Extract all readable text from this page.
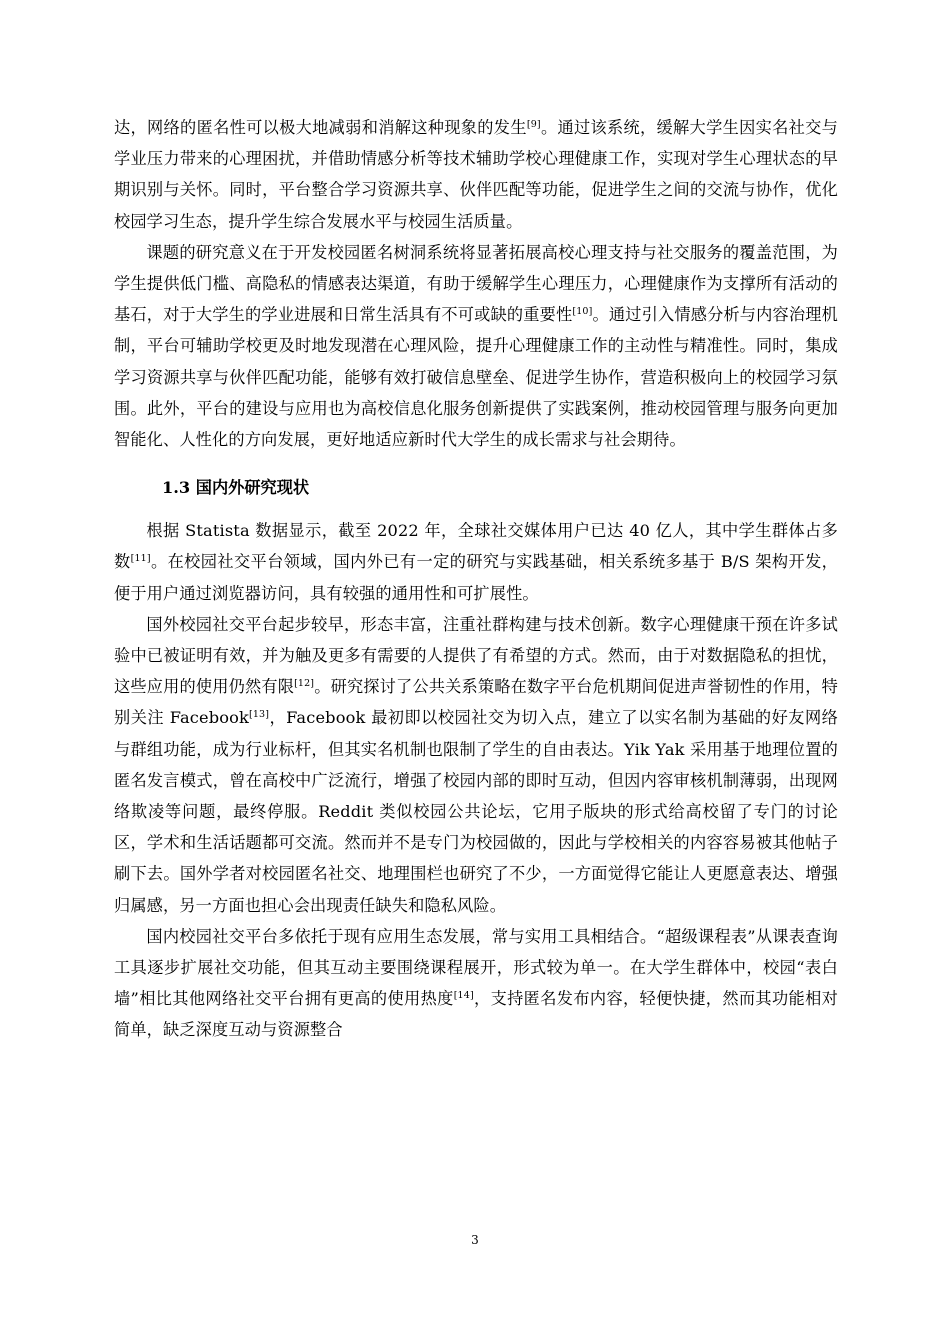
达，网络的匿名性可以极大地减弱和消解这种现象的发生[9]。通过该系统，缓解大学生因实名社交与学业压力带来的心理困扰，并借助情感分析等技术辅助学校心理健康工作，实现对学生心理状态的早期识别与关怀。同时，平台整合学习资源共享、伙伴匹配等功能，促进学生之间的交流与协作，优化校园学习生态，提升学生综合发展水平与校园生活质量。

课题的研究意义在于开发校园匿名树洞系统将显著拓展高校心理支持与社交服务的覆盖范围，为学生提供低门槛、高隐私的情感表达渠道，有助于缓解学生心理压力，心理健康作为支撑所有活动的基石，对于大学生的学业进展和日常生活具有不可或缺的重要性[10]。通过引入情感分析与内容治理机制，平台可辅助学校更及时地发现潜在心理风险，提升心理健康工作的主动性与精准性。同时，集成学习资源共享与伙伴匹配功能，能够有效打破信息壁垒、促进学生协作，营造积极向上的校园学习氛围。此外，平台的建设与应用也为高校信息化服务创新提供了实践案例，推动校园管理与服务向更加智能化、人性化的方向发展，更好地适应新时代大学生的成长需求与社会期待。

1.3 国内外研究现状

根据 Statista 数据显示，截至 2022 年，全球社交媒体用户已达 40 亿人，其中学生群体占多数[11]。在校园社交平台领域，国内外已有一定的研究与实践基础，相关系统多基于 B/S 架构开发，便于用户通过浏览器访问，具有较强的通用性和可扩展性。

国外校园社交平台起步较早，形态丰富，注重社群构建与技术创新。数字心理健康干预在许多试验中已被证明有效，并为触及更多有需要的人提供了有希望的方式。然而，由于对数据隐私的担忧，这些应用的使用仍然有限[12]。研究探讨了公共关系策略在数字平台危机期间促进声誉韧性的作用，特别关注 Facebook[13]，Facebook 最初即以校园社交为切入点，建立了以实名制为基础的好友网络与群组功能，成为行业标杆，但其实名机制也限制了学生的自由表达。Yik Yak 采用基于地理位置的匿名发言模式，曾在高校中广泛流行，增强了校园内部的即时互动，但因内容审核机制薄弱，出现网络欺凌等问题，最终停服。Reddit 类似校园公共论坛，它用子版块的形式给高校留了专门的讨论区，学术和生活话题都可交流。然而并不是专门为校园做的，因此与学校相关的内容容易被其他帖子刷下去。国外学者对校园匿名社交、地理围栏也研究了不少，一方面觉得它能让人更愿意表达、增强归属感，另一方面也担心会出现责任缺失和隐私风险。

国内校园社交平台多依托于现有应用生态发展，常与实用工具相结合。“超级课程表”从课表查询工具逐步扩展社交功能，但其互动主要围绕课程展开，形式较为单一。在大学生群体中，校园“表白墙”相比其他网络社交平台拥有更高的使用热度[14]，支持匿名发布内容，轻便快捷，然而其功能相对简单，缺乏深度互动与资源整合

3
